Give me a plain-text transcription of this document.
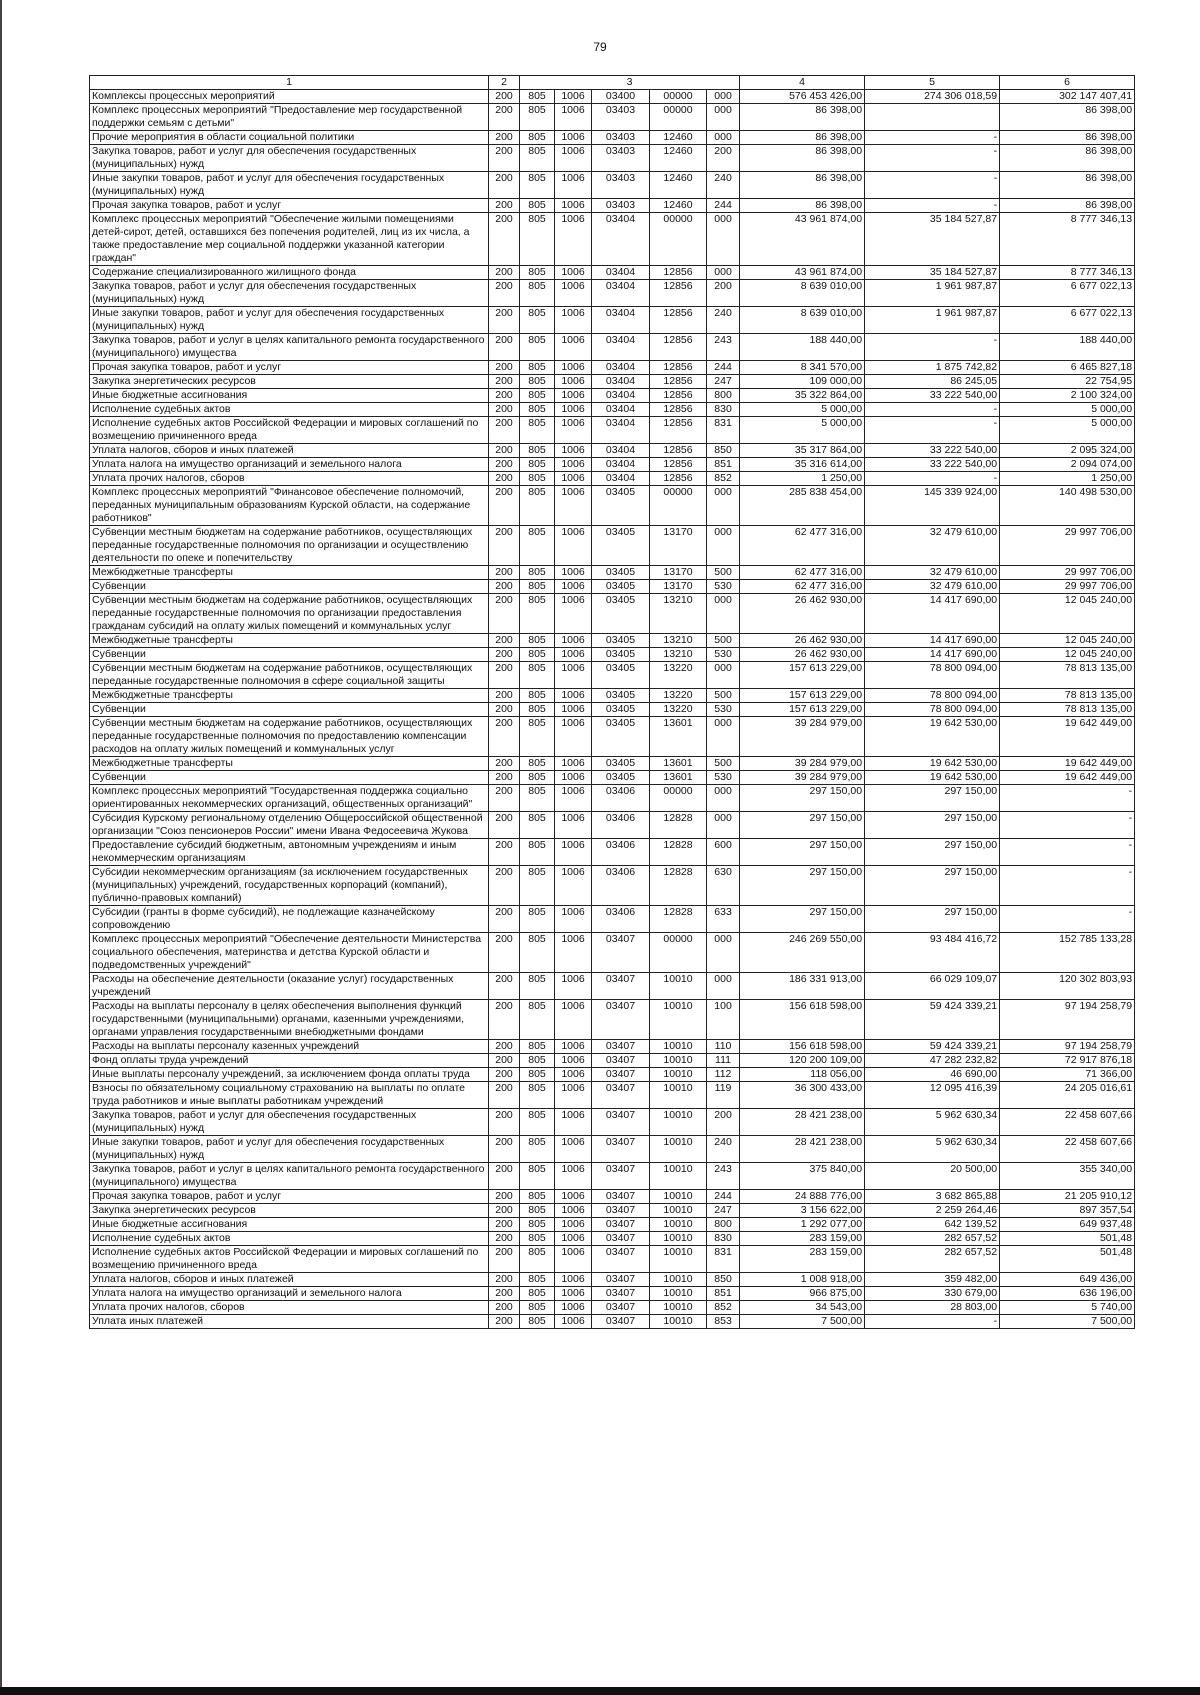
79
1	2	3					4	5	6
Комплексы процессных мероприятий	200	805	1006	03400	00000	000	576 453 426,00	274 306 018,59	302 147 407,41
Комплекс процессных мероприятий "Предоставление мер государственной поддержки семьям с детьми"	200	805	1006	03403	00000	000	86 398,00		86 398,00
Прочие мероприятия в области социальной политики	200	805	1006	03403	12460	000	86 398,00	-	86 398,00
Закупка товаров, работ и услуг для обеспечения государственных (муниципальных) нужд	200	805	1006	03403	12460	200	86 398,00	-	86 398,00
Иные закупки товаров, работ и услуг для обеспечения государственных (муниципальных) нужд	200	805	1006	03403	12460	240	86 398,00	-	86 398,00
Прочая закупка товаров, работ и услуг	200	805	1006	03403	12460	244	86 398,00	-	86 398,00
Комплекс процессных мероприятий "Обеспечение жилыми помещениями детей-сирот, детей, оставшихся без попечения родителей, лиц из их числа, а также предоставление мер социальной поддержки указанной категории граждан"	200	805	1006	03404	00000	000	43 961 874,00	35 184 527,87	8 777 346,13
Содержание специализированного жилищного фонда	200	805	1006	03404	12856	000	43 961 874,00	35 184 527,87	8 777 346,13
Закупка товаров, работ и услуг для обеспечения государственных (муниципальных) нужд	200	805	1006	03404	12856	200	8 639 010,00	1 961 987,87	6 677 022,13
Иные закупки товаров, работ и услуг для обеспечения государственных (муниципальных) нужд	200	805	1006	03404	12856	240	8 639 010,00	1 961 987,87	6 677 022,13
Закупка товаров, работ и услуг в целях капитального ремонта государственного (муниципального) имущества	200	805	1006	03404	12856	243	188 440,00	-	188 440,00
Прочая закупка товаров, работ и услуг	200	805	1006	03404	12856	244	8 341 570,00	1 875 742,82	6 465 827,18
Закупка энергетических ресурсов	200	805	1006	03404	12856	247	109 000,00	86 245,05	22 754,95
Иные бюджетные ассигнования	200	805	1006	03404	12856	800	35 322 864,00	33 222 540,00	2 100 324,00
Исполнение судебных актов	200	805	1006	03404	12856	830	5 000,00	-	5 000,00
Исполнение судебных актов Российской Федерации и мировых соглашений по возмещению причиненного вреда	200	805	1006	03404	12856	831	5 000,00	-	5 000,00
Уплата налогов, сборов и иных платежей	200	805	1006	03404	12856	850	35 317 864,00	33 222 540,00	2 095 324,00
Уплата налога на имущество организаций и земельного налога	200	805	1006	03404	12856	851	35 316 614,00	33 222 540,00	2 094 074,00
Уплата прочих налогов, сборов	200	805	1006	03404	12856	852	1 250,00	-	1 250,00
Комплекс процессных мероприятий "Финансовое обеспечение полномочий, переданных муниципальным образованиям Курской области, на содержание работников"	200	805	1006	03405	00000	000	285 838 454,00	145 339 924,00	140 498 530,00
Субвенции местным бюджетам на содержание работников, осуществляющих переданные государственные полномочия по организации и осуществлению деятельности по опеке и попечительству	200	805	1006	03405	13170	000	62 477 316,00	32 479 610,00	29 997 706,00
Межбюджетные трансферты	200	805	1006	03405	13170	500	62 477 316,00	32 479 610,00	29 997 706,00
Субвенции	200	805	1006	03405	13170	530	62 477 316,00	32 479 610,00	29 997 706,00
Субвенции местным бюджетам на содержание работников, осуществляющих переданные государственные полномочия по организации предоставления гражданам субсидий на оплату жилых помещений и коммунальных услуг	200	805	1006	03405	13210	000	26 462 930,00	14 417 690,00	12 045 240,00
Межбюджетные трансферты	200	805	1006	03405	13210	500	26 462 930,00	14 417 690,00	12 045 240,00
Субвенции	200	805	1006	03405	13210	530	26 462 930,00	14 417 690,00	12 045 240,00
Субвенции местным бюджетам на содержание работников, осуществляющих переданные государственные полномочия в сфере социальной защиты	200	805	1006	03405	13220	000	157 613 229,00	78 800 094,00	78 813 135,00
Межбюджетные трансферты	200	805	1006	03405	13220	500	157 613 229,00	78 800 094,00	78 813 135,00
Субвенции	200	805	1006	03405	13220	530	157 613 229,00	78 800 094,00	78 813 135,00
Субвенции местным бюджетам на содержание работников, осуществляющих переданные государственные полномочия по предоставлению компенсации расходов на оплату жилых помещений и коммунальных услуг	200	805	1006	03405	13601	000	39 284 979,00	19 642 530,00	19 642 449,00
Межбюджетные трансферты	200	805	1006	03405	13601	500	39 284 979,00	19 642 530,00	19 642 449,00
Субвенции	200	805	1006	03405	13601	530	39 284 979,00	19 642 530,00	19 642 449,00
Комплекс процессных мероприятий "Государственная поддержка социально ориентированных некоммерческих организаций, общественных организаций"	200	805	1006	03406	00000	000	297 150,00	297 150,00	-
Субсидия Курскому региональному отделению Общероссийской общественной организации "Союз пенсионеров России" имени Ивана Федосеевича Жукова	200	805	1006	03406	12828	000	297 150,00	297 150,00	-
Предоставление субсидий бюджетным, автономным учреждениям и иным некоммерческим организациям	200	805	1006	03406	12828	600	297 150,00	297 150,00	-
Субсидии некоммерческим организациям (за исключением государственных (муниципальных) учреждений, государственных корпораций (компаний), публично-правовых компаний)	200	805	1006	03406	12828	630	297 150,00	297 150,00	-
Субсидии (гранты в форме субсидий), не подлежащие казначейскому сопровождению	200	805	1006	03406	12828	633	297 150,00	297 150,00	-
Комплекс процессных мероприятий "Обеспечение деятельности Министерства социального обеспечения, материнства и детства Курской области и подведомственных учреждений"	200	805	1006	03407	00000	000	246 269 550,00	93 484 416,72	152 785 133,28
Расходы на обеспечение деятельности (оказание услуг) государственных учреждений	200	805	1006	03407	10010	000	186 331 913,00	66 029 109,07	120 302 803,93
Расходы на выплаты персоналу в целях обеспечения выполнения функций государственными (муниципальными) органами, казенными учреждениями, органами управления государственными внебюджетными фондами	200	805	1006	03407	10010	100	156 618 598,00	59 424 339,21	97 194 258,79
Расходы на выплаты персоналу казенных учреждений	200	805	1006	03407	10010	110	156 618 598,00	59 424 339,21	97 194 258,79
Фонд оплаты труда учреждений	200	805	1006	03407	10010	111	120 200 109,00	47 282 232,82	72 917 876,18
Иные выплаты персоналу учреждений, за исключением фонда оплаты труда	200	805	1006	03407	10010	112	118 056,00	46 690,00	71 366,00
Взносы по обязательному социальному страхованию на выплаты по оплате труда работников и иные выплаты работникам учреждений	200	805	1006	03407	10010	119	36 300 433,00	12 095 416,39	24 205 016,61
Закупка товаров, работ и услуг для обеспечения государственных (муниципальных) нужд	200	805	1006	03407	10010	200	28 421 238,00	5 962 630,34	22 458 607,66
Иные закупки товаров, работ и услуг для обеспечения государственных (муниципальных) нужд	200	805	1006	03407	10010	240	28 421 238,00	5 962 630,34	22 458 607,66
Закупка товаров, работ и услуг в целях капитального ремонта государственного (муниципального) имущества	200	805	1006	03407	10010	243	375 840,00	20 500,00	355 340,00
Прочая закупка товаров, работ и услуг	200	805	1006	03407	10010	244	24 888 776,00	3 682 865,88	21 205 910,12
Закупка энергетических ресурсов	200	805	1006	03407	10010	247	3 156 622,00	2 259 264,46	897 357,54
Иные бюджетные ассигнования	200	805	1006	03407	10010	800	1 292 077,00	642 139,52	649 937,48
Исполнение судебных актов	200	805	1006	03407	10010	830	283 159,00	282 657,52	501,48
Исполнение судебных актов Российской Федерации и мировых соглашений по возмещению причиненного вреда	200	805	1006	03407	10010	831	283 159,00	282 657,52	501,48
Уплата налогов, сборов и иных платежей	200	805	1006	03407	10010	850	1 008 918,00	359 482,00	649 436,00
Уплата налога на имущество организаций и земельного налога	200	805	1006	03407	10010	851	966 875,00	330 679,00	636 196,00
Уплата прочих налогов, сборов	200	805	1006	03407	10010	852	34 543,00	28 803,00	5 740,00
Уплата иных платежей	200	805	1006	03407	10010	853	7 500,00	-	7 500,00
